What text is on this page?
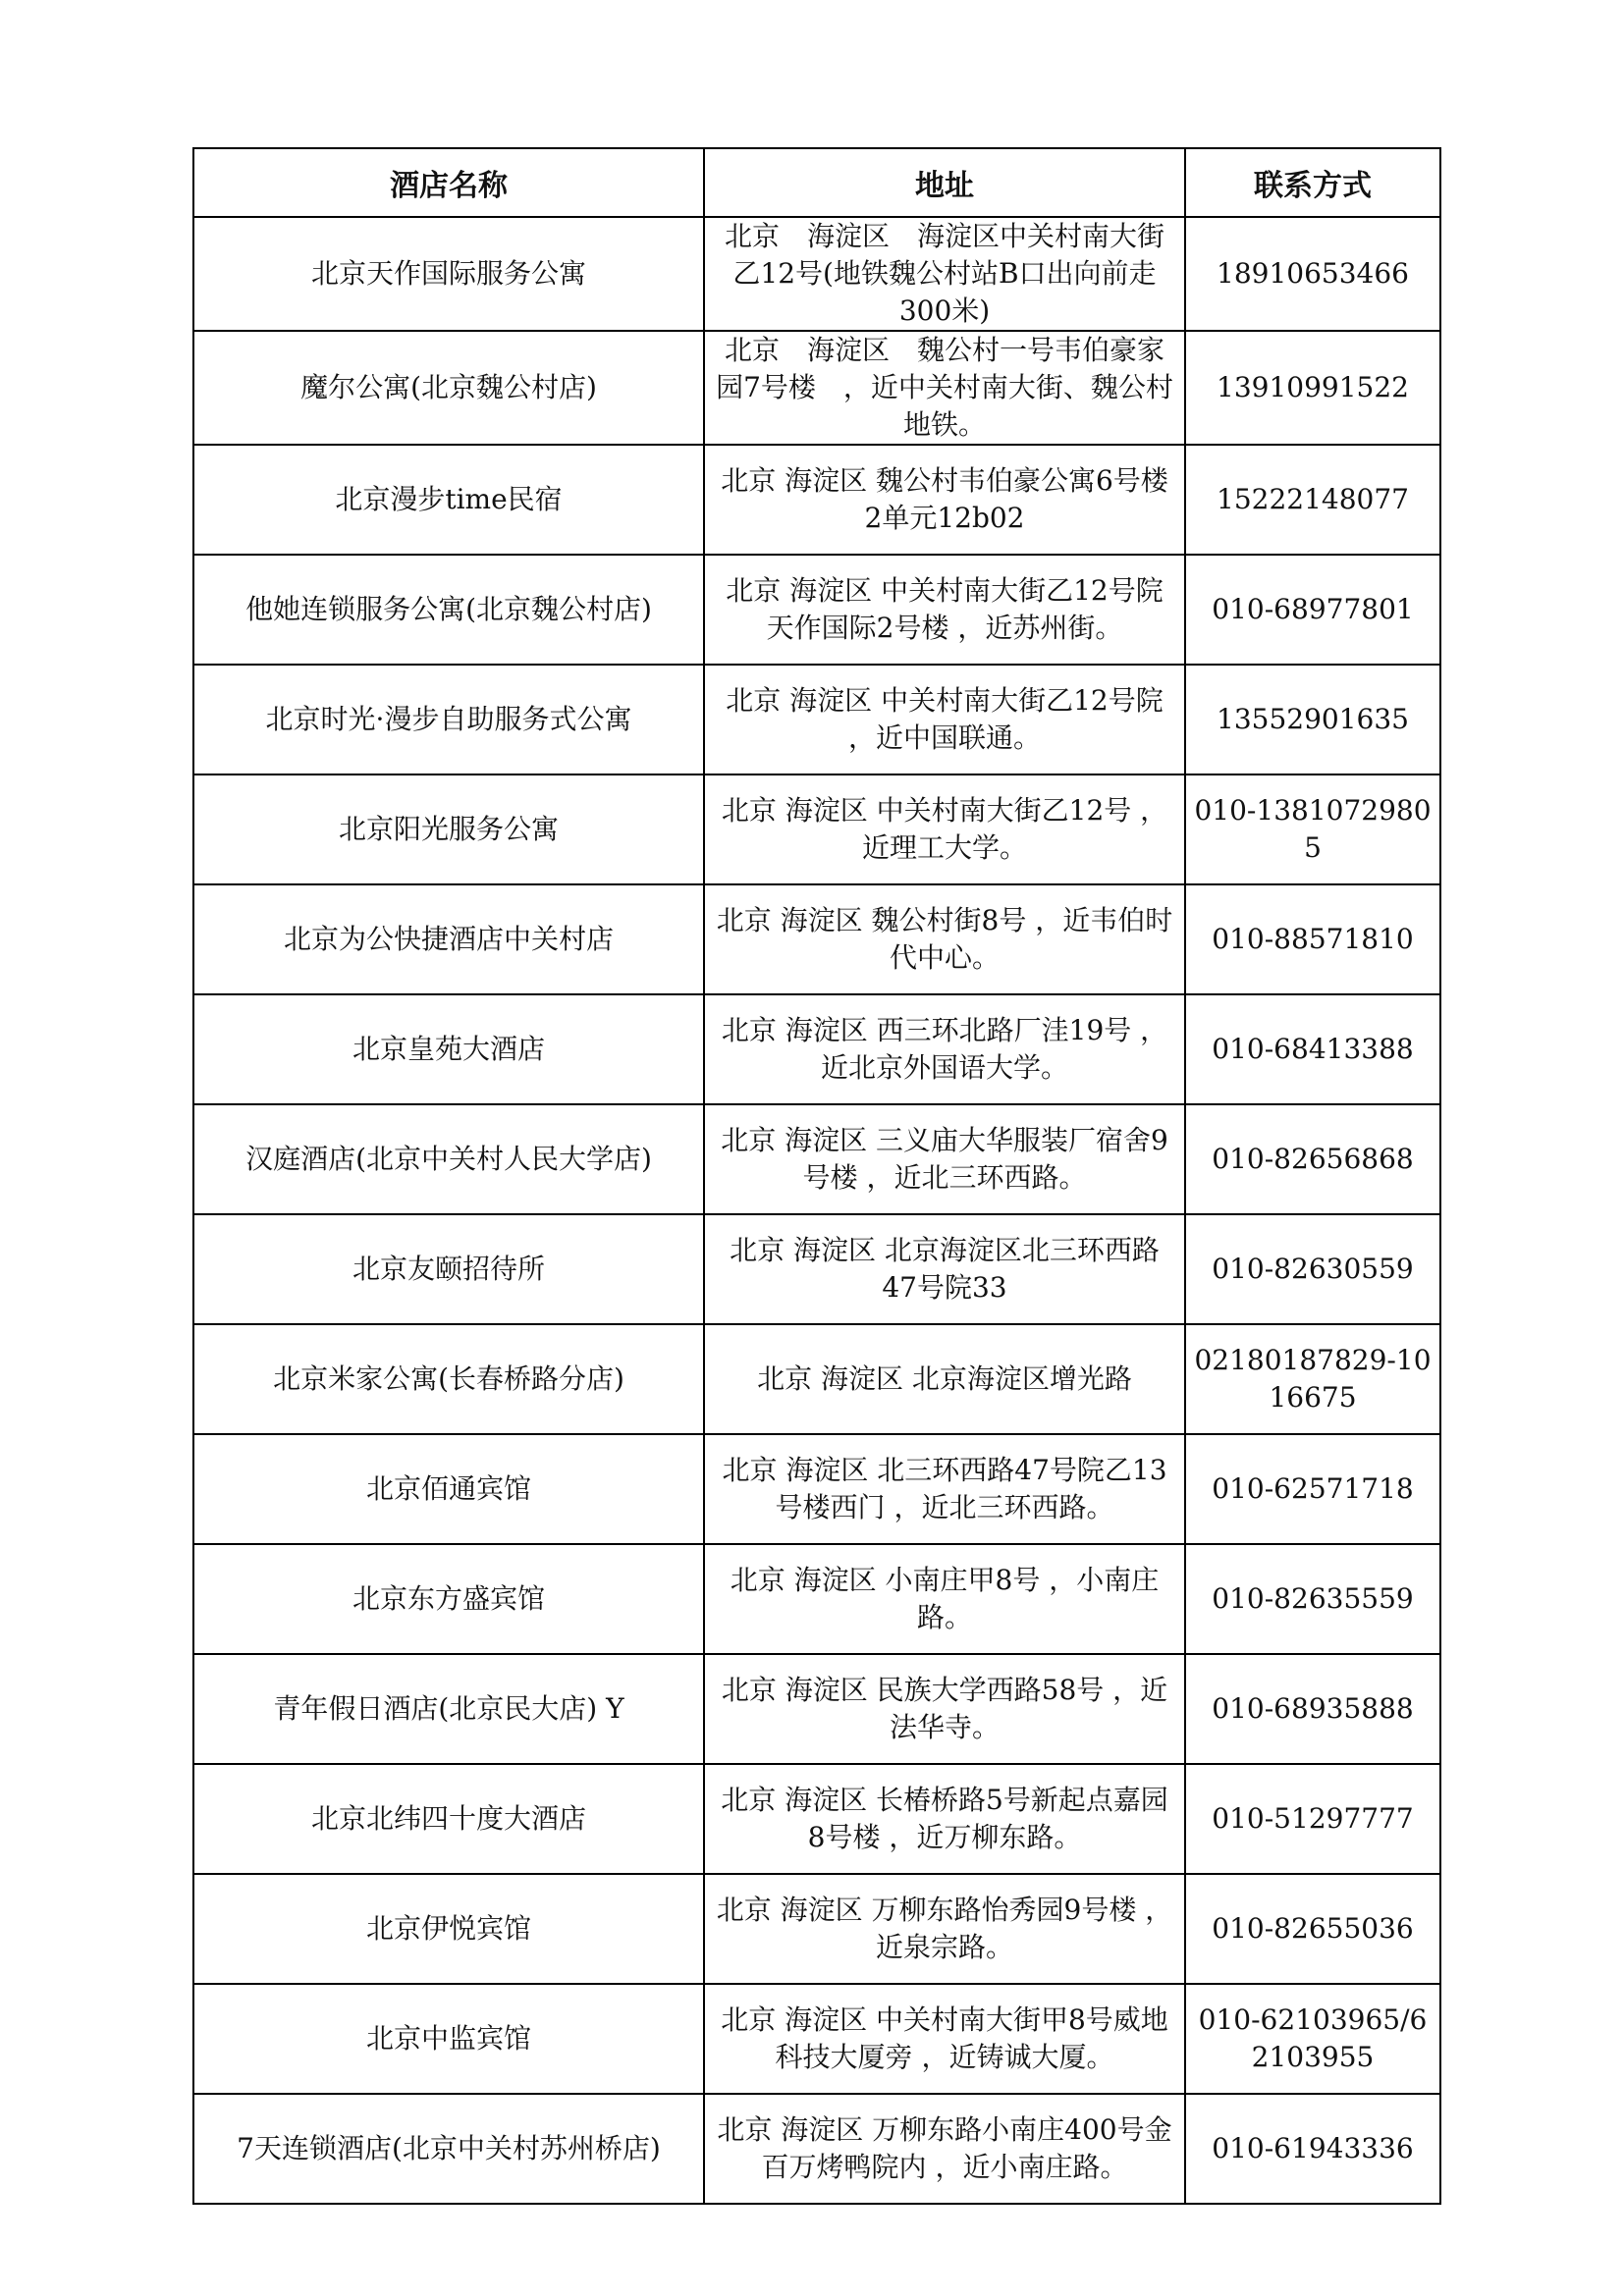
酒店名称	地址	联系方式
北京天作国际服务公寓	北京　海淀区　海淀区中关村南大街乙12号(地铁魏公村站B口出向前走300米)	18910653466
魔尔公寓(北京魏公村店)	北京　海淀区　魏公村一号韦伯豪家园7号楼　，近中关村南大街、魏公村地铁。	13910991522
北京漫步time民宿	北京 海淀区 魏公村韦伯豪公寓6号楼2单元12b02	15222148077
他她连锁服务公寓(北京魏公村店)	北京 海淀区 中关村南大街乙12号院天作国际2号楼 ，近苏州街。	010-68977801
北京时光·漫步自助服务式公寓	北京 海淀区 中关村南大街乙12号院 ，近中国联通。	13552901635
北京阳光服务公寓	北京 海淀区 中关村南大街乙12号 ，近理工大学。	010-13810729805
北京为公快捷酒店中关村店	北京 海淀区 魏公村街8号 ，近韦伯时代中心。	010-88571810
北京皇苑大酒店	北京 海淀区 西三环北路厂洼19号 ，近北京外国语大学。	010-68413388
汉庭酒店(北京中关村人民大学店)	北京 海淀区 三义庙大华服装厂宿舍9号楼 ，近北三环西路。	010-82656868
北京友颐招待所	北京 海淀区 北京海淀区北三环西路47号院33	010-82630559
北京米家公寓(长春桥路分店)	北京 海淀区 北京海淀区增光路	02180187829-1016675
北京佰通宾馆	北京 海淀区 北三环西路47号院乙13号楼西门 ，近北三环西路。	010-62571718
北京东方盛宾馆	北京 海淀区 小南庄甲8号 ，小南庄路。	010-82635559
青年假日酒店(北京民大店) Y	北京 海淀区 民族大学西路58号 ，近法华寺。	010-68935888
北京北纬四十度大酒店	北京 海淀区 长椿桥路5号新起点嘉园8号楼 ，近万柳东路。	010-51297777
北京伊悦宾馆	北京 海淀区 万柳东路怡秀园9号楼 ，近泉宗路。	010-82655036
北京中监宾馆	北京 海淀区 中关村南大街甲8号威地科技大厦旁 ，近铸诚大厦。	010-62103965/62103955
7天连锁酒店(北京中关村苏州桥店)	北京 海淀区 万柳东路小南庄400号金百万烤鸭院内 ，近小南庄路。	010-61943336
